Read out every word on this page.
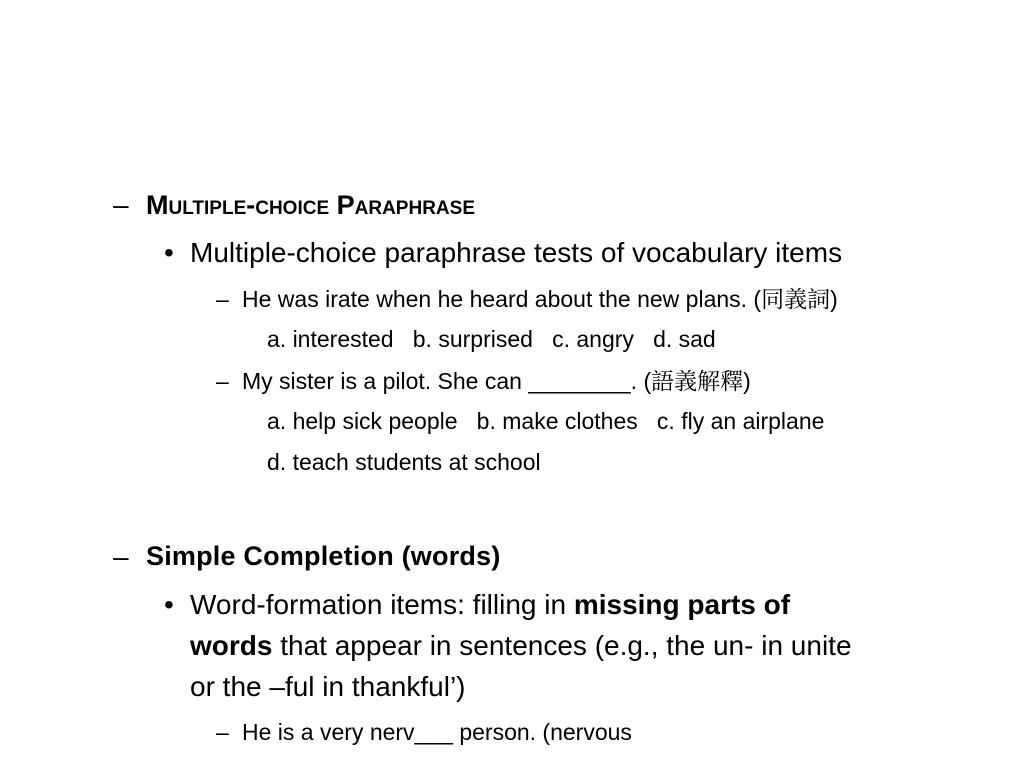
– Multiple-choice Paraphrase
• Multiple-choice paraphrase tests of vocabulary items
– He was irate when he heard about the new plans. (同義詞)
a. interested   b. surprised   c. angry   d. sad
– My sister is a pilot. She can ________. (語義解釋)
a. help sick people   b. make clothes   c. fly an airplane
d. teach students at school
– Simple Completion (words)
• Word-formation items: filling in missing parts of
words that appear in sentences (e.g., the un- in unite
or the –ful in thankful’)
– He is a very nerv___ person. (nervous
